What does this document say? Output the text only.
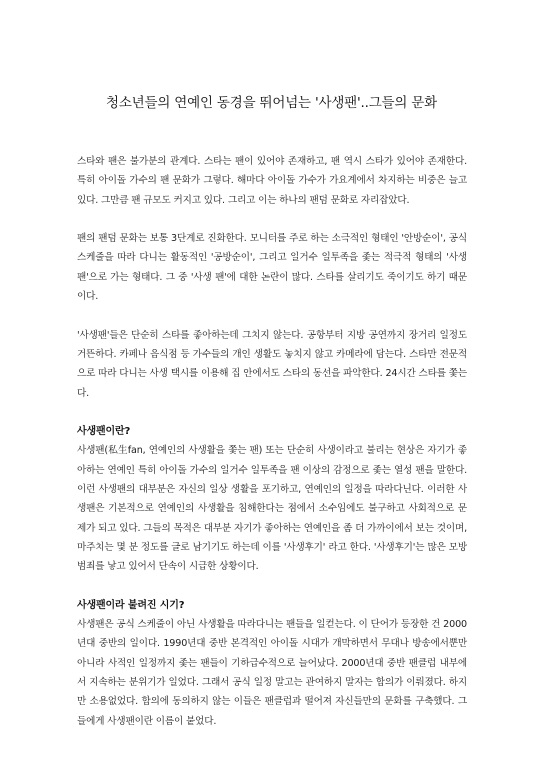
청소년들의 연예인 동경을 뛰어넘는 '사생팬'..그들의 문화

스타와 팬은 불가분의 관계다. 스타는 팬이 있어야 존재하고, 팬 역시 스타가 있어야 존재한다. 특히 아이돌 가수의 팬 문화가 그렇다. 해마다 아이돌 가수가 가요계에서 차지하는 비중은 늘고 있다. 그만큼 팬 규모도 커지고 있다. 그리고 이는 하나의 팬덤 문화로 자리잡았다.

팬의 팬덤 문화는 보통 3단계로 진화한다. 모니터를 주로 하는 소극적인 형태인 '안방순이', 공식 스케줄을 따라 다니는 활동적인 '공방순이', 그리고 일거수 일투족을 좇는 적극적 형태의 '사생팬'으로 가는 형태다. 그 중 '사생 팬'에 대한 논란이 많다. 스타를 살리기도 죽이기도 하기 때문이다.

'사생팬'들은 단순히 스타를 좋아하는데 그치지 않는다. 공항부터 지방 공연까지 장거리 일정도 거뜬하다. 카페나 음식점 등 가수들의 개인 생활도 놓치지 않고 카메라에 담는다. 스타만 전문적으로 따라 다니는 사생 택시를 이용해 집 안에서도 스타의 동선을 파악한다. 24시간 스타를 쫓는다.

사생팬이란?

사생팬(私生fan, 연예인의 사생활을 쫓는 팬) 또는 단순히 사생이라고 불리는 현상은 자기가 좋아하는 연예인 특히 아이돌 가수의 일거수 일투족을 팬 이상의 감정으로 좇는 열성 팬을 말한다. 이런 사생팬의 대부분은 자신의 일상 생활을 포기하고, 연예인의 일정을 따라다닌다. 이러한 사생팬은 기본적으로 연예인의 사생활을 침해한다는 점에서 소수임에도 불구하고 사회적으로 문제가 되고 있다. 그들의 목적은 대부분 자기가 좋아하는 연예인을 좀 더 가까이에서 보는 것이며, 마주치는 몇 분 정도를 글로 남기기도 하는데 이를 '사생후기' 라고 한다. '사생후기'는 많은 모방범죄를 낳고 있어서 단속이 시급한 상황이다.

사생팬이라 불려진 시기?

사생팬은 공식 스케줄이 아닌 사생활을 따라다니는 팬들을 일컫는다. 이 단어가 등장한 건 2000년대 중반의 일이다. 1990년대 중반 본격적인 아이돌 시대가 개막하면서 무대나 방송에서뿐만 아니라 사적인 일정까지 좇는 팬들이 기하급수적으로 늘어났다. 2000년대 중반 팬클럽 내부에서 지속하는 분위기가 일었다. 그래서 공식 일정 말고는 관여하지 말자는 합의가 이뤄졌다. 하지만 소용없었다. 합의에 동의하지 않는 이들은 팬클럽과 떨어져 자신들만의 문화를 구축했다. 그들에게 사생팬이란 이름이 붙었다.
